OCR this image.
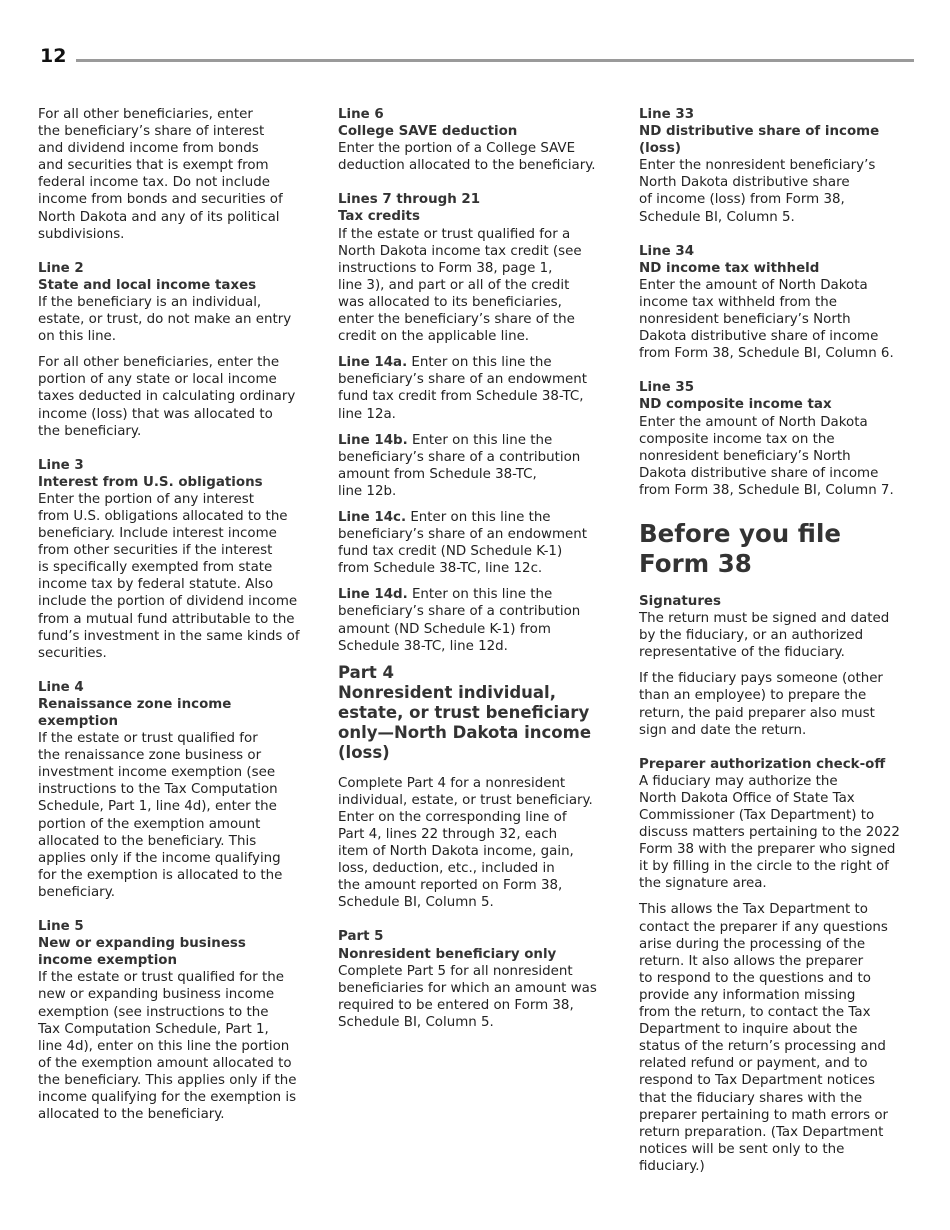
12

For all other beneficiaries, enter
the beneficiary’s share of interest
and dividend income from bonds
and securities that is exempt from
federal income tax. Do not include
income from bonds and securities of
North Dakota and any of its political
subdivisions.

Line 2
State and local income taxes

If the beneficiary is an individual,
estate, or trust, do not make an entry
on this line.

For all other beneficiaries, enter the
portion of any state or local income
taxes deducted in calculating ordinary
income (loss) that was allocated to
the beneficiary.

Line 3
Interest from U.S. obligations

Enter the portion of any interest
from U.S. obligations allocated to the
beneficiary. Include interest income
from other securities if the interest
is specifically exempted from state
income tax by federal statute. Also
include the portion of dividend income
from a mutual fund attributable to the
fund’s investment in the same kinds of
securities.

Line 4
Renaissance zone income
exemption

If the estate or trust qualified for
the renaissance zone business or
investment income exemption (see
instructions to the Tax Computation
Schedule, Part 1, line 4d), enter the
portion of the exemption amount
allocated to the beneficiary. This
applies only if the income qualifying
for the exemption is allocated to the
beneficiary.

Line 5
New or expanding business
income exemption

If the estate or trust qualified for the
new or expanding business income
exemption (see instructions to the
Tax Computation Schedule, Part 1,
line 4d), enter on this line the portion
of the exemption amount allocated to
the beneficiary. This applies only if the
income qualifying for the exemption is
allocated to the beneficiary.

Line 6
College SAVE deduction

Enter the portion of a College SAVE
deduction allocated to the beneficiary.

Lines 7 through 21
Tax credits

If the estate or trust qualified for a
North Dakota income tax credit (see
instructions to Form 38, page 1,
line 3), and part or all of the credit
was allocated to its beneficiaries,
enter the beneficiary’s share of the
credit on the applicable line.

Line 14a. Enter on this line the
beneficiary’s share of an endowment
fund tax credit from Schedule 38-TC,
line 12a.

Line 14b. Enter on this line the
beneficiary’s share of a contribution
amount from Schedule 38-TC,
line 12b.

Line 14c. Enter on this line the
beneficiary’s share of an endowment
fund tax credit (ND Schedule K-1)
from Schedule 38-TC, line 12c.

Line 14d. Enter on this line the
beneficiary’s share of a contribution
amount (ND Schedule K-1) from
Schedule 38-TC, line 12d.

Part 4
Nonresident individual,
estate, or trust beneficiary
only—North Dakota income
(loss)

Complete Part 4 for a nonresident
individual, estate, or trust beneficiary.
Enter on the corresponding line of
Part 4, lines 22 through 32, each
item of North Dakota income, gain,
loss, deduction, etc., included in
the amount reported on Form 38,
Schedule BI, Column 5.

Part 5
Nonresident beneficiary only

Complete Part 5 for all nonresident
beneficiaries for which an amount was
required to be entered on Form 38,
Schedule BI, Column 5.

Line 33
ND distributive share of income
(loss)

Enter the nonresident beneficiary’s
North Dakota distributive share
of income (loss) from Form 38,
Schedule BI, Column 5.

Line 34
ND income tax withheld

Enter the amount of North Dakota
income tax withheld from the
nonresident beneficiary’s North
Dakota distributive share of income
from Form 38, Schedule BI, Column 6.

Line 35
ND composite income tax

Enter the amount of North Dakota
composite income tax on the
nonresident beneficiary’s North
Dakota distributive share of income
from Form 38, Schedule BI, Column 7.

Before you file
Form 38
Signatures

The return must be signed and dated
by the fiduciary, or an authorized
representative of the fiduciary.

If the fiduciary pays someone (other
than an employee) to prepare the
return, the paid preparer also must
sign and date the return.

Preparer authorization check-off

A fiduciary may authorize the
North Dakota Office of State Tax
Commissioner (Tax Department) to
discuss matters pertaining to the 2022
Form 38 with the preparer who signed
it by filling in the circle to the right of
the signature area.

This allows the Tax Department to
contact the preparer if any questions
arise during the processing of the
return. It also allows the preparer
to respond to the questions and to
provide any information missing
from the return, to contact the Tax
Department to inquire about the
status of the return’s processing and
related refund or payment, and to
respond to Tax Department notices
that the fiduciary shares with the
preparer pertaining to math errors or
return preparation. (Tax Department
notices will be sent only to the
fiduciary.)
